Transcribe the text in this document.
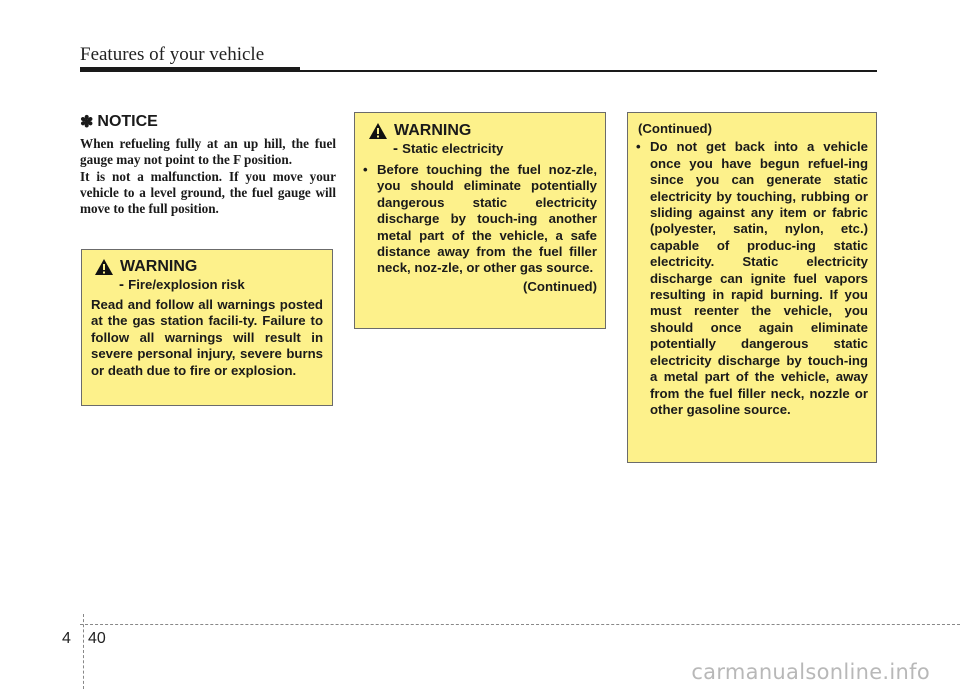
Features of your vehicle
✽ NOTICE

When refueling fully at an up hill, the fuel gauge may not point to the F position.

It is not a malfunction. If you move your vehicle to a level ground, the fuel gauge will move to the full position.

WARNING
- Fire/explosion risk
Read and follow all warnings posted at the gas station facili-ty. Failure to follow all warnings will result in severe personal injury, severe burns or death due to fire or explosion.
WARNING
- Static electricity
• Before touching the fuel noz-zle, you should eliminate potentially dangerous static electricity discharge by touch-ing another metal part of the vehicle, a safe distance away from the fuel filler neck, noz-zle, or other gas source.
(Continued)
(Continued)
• Do not get back into a vehicle once you have begun refuel-ing since you can generate static electricity by touching, rubbing or sliding against any item or fabric (polyester, satin, nylon, etc.) capable of produc-ing static electricity. Static electricity discharge can ignite fuel vapors resulting in rapid burning. If you must reenter the vehicle, you should once again eliminate potentially dangerous static electricity discharge by touch-ing a metal part of the vehicle, away from the fuel filler neck, nozzle or other gasoline source.
4 40
carmanualsonline.info
